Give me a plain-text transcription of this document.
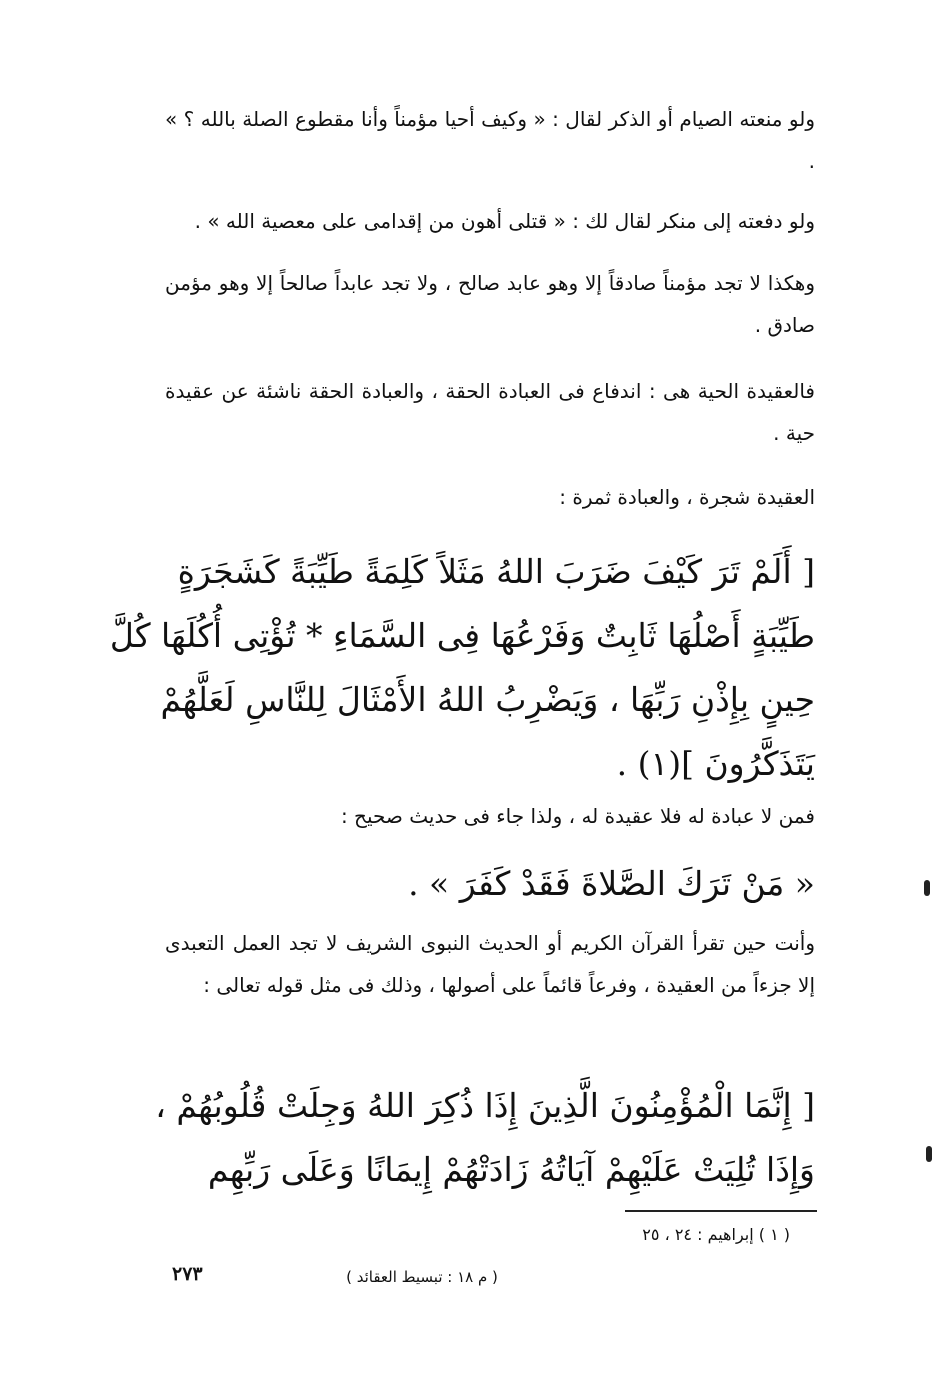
ولو منعته الصيام أو الذكر لقال : « وكيف أحيا مؤمناً وأنا مقطوع الصلة بالله ؟ » .
ولو دفعته إلى منكر لقال لك : « قتلى أهون من إقدامى على معصية الله » .
وهكذا لا تجد مؤمناً صادقاً إلا وهو عابد صالح ، ولا تجد عابداً صالحاً إلا وهو مؤمن صادق .
فالعقيدة الحية هى : اندفاع فى العبادة الحقة ، والعبادة الحقة ناشئة عن عقيدة حية .
العقيدة شجرة ، والعبادة ثمرة :
[ أَلَمْ تَرَ كَيْفَ ضَرَبَ اللهُ مَثَلاً كَلِمَةً طَيِّبَةً كَشَجَرَةٍ
طَيِّبَةٍ أَصْلُهَا ثَابِتٌ وَفَرْعُهَا فِى السَّمَاءِ * تُؤْتِى أُكُلَهَا كُلَّ
حِينٍ بِإِذْنِ رَبِّهَا ، وَيَضْرِبُ اللهُ الأَمْثَالَ لِلنَّاسِ لَعَلَّهُمْ
يَتَذَكَّرُونَ ](١) .
فمن لا عبادة له فلا عقيدة له ، ولذا جاء فى حديث صحيح :
« مَنْ تَرَكَ الصَّلاةَ فَقَدْ كَفَرَ » .
وأنت حين تقرأ القرآن الكريم أو الحديث النبوى الشريف لا تجد العمل التعبدى إلا جزءاً من العقيدة ، وفرعاً قائماً على أصولها ، وذلك فى مثل قوله تعالى :
[ إِنَّمَا الْمُؤْمِنُونَ الَّذِينَ إِذَا ذُكِرَ اللهُ وَجِلَتْ قُلُوبُهُمْ ،
وَإِذَا تُلِيَتْ عَلَيْهِمْ آيَاتُهُ زَادَتْهُمْ إِيمَانًا وَعَلَى رَبِّهِم
( ١ ) إبراهيم : ٢٤ ، ٢٥
٢٧٣	( م ١٨ : تبسيط العقائد )
